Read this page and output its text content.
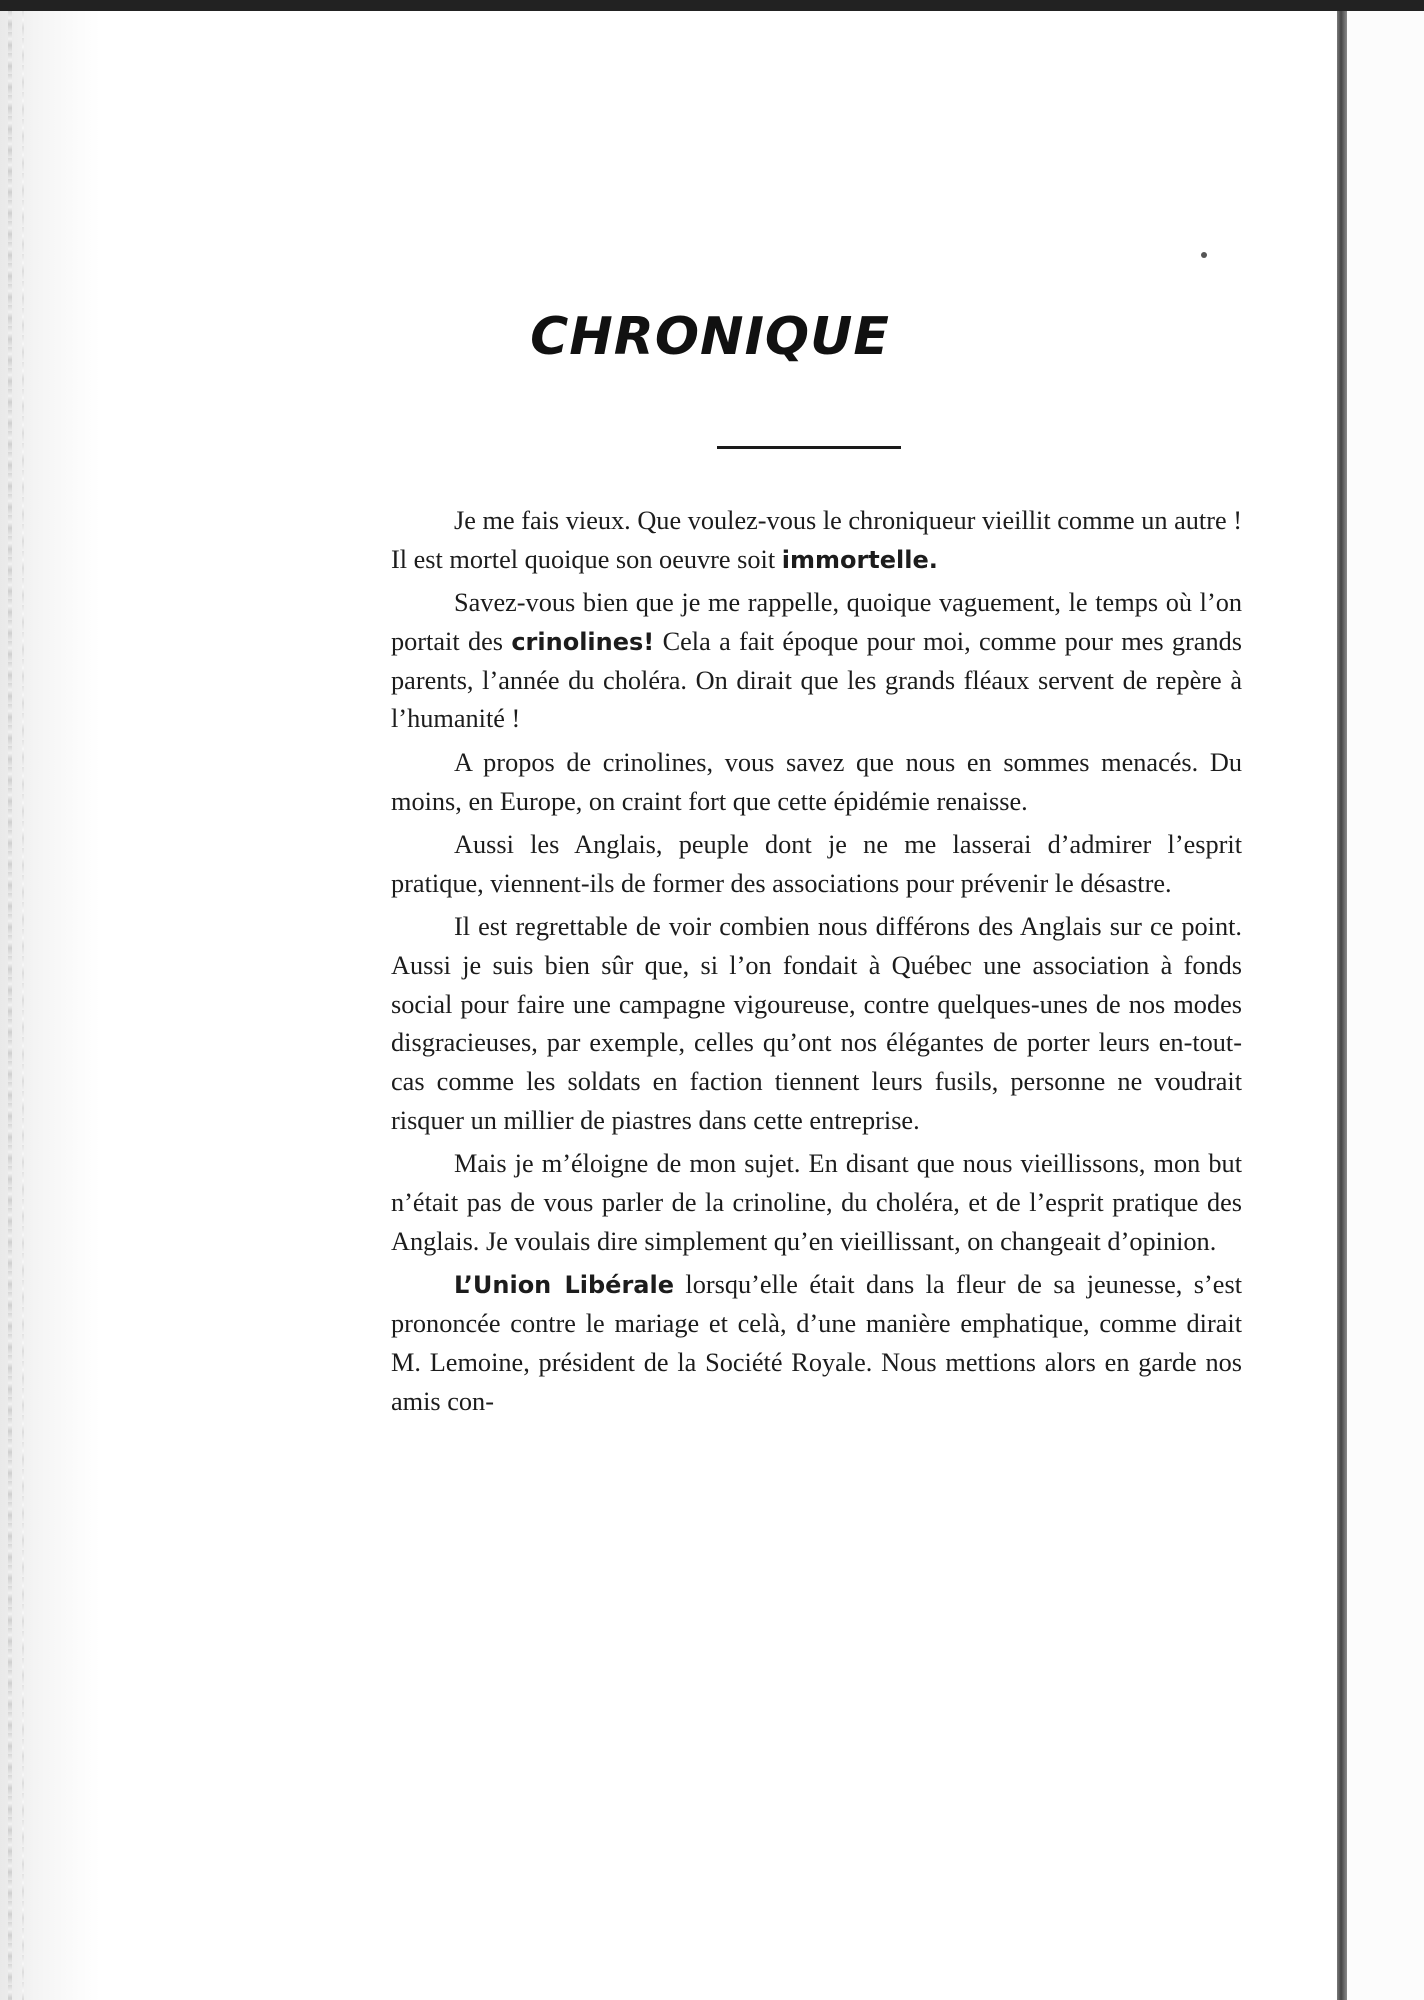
CHRONIQUE

Je me fais vieux. Que voulez-vous le chroniqueur vieillit comme un autre ! Il est mortel quoique son oeuvre soit immortelle.

Savez-vous bien que je me rappelle, quoique vaguement, le temps où l’on portait des crinolines! Cela a fait époque pour moi, comme pour mes grands parents, l’année du choléra. On dirait que les grands fléaux servent de repère à l’humanité !

A propos de crinolines, vous savez que nous en sommes menacés. Du moins, en Europe, on craint fort que cette épidémie renaisse.

Aussi les Anglais, peuple dont je ne me lasserai d’admirer l’esprit pratique, viennent-ils de former des associations pour prévenir le désastre.

Il est regrettable de voir combien nous différons des Anglais sur ce point. Aussi je suis bien sûr que, si l’on fondait à Québec une association à fonds social pour faire une campagne vigoureuse, contre quelques-unes de nos modes disgracieuses, par exemple, celles qu’ont nos élégantes de porter leurs en-tout-cas comme les soldats en faction tiennent leurs fusils, personne ne voudrait risquer un millier de piastres dans cette entreprise.

Mais je m’éloigne de mon sujet. En disant que nous vieillissons, mon but n’était pas de vous parler de la crinoline, du choléra, et de l’esprit pratique des Anglais. Je voulais dire simplement qu’en vieillissant, on changeait d’opinion.

L’Union Libérale lorsqu’elle était dans la fleur de sa jeunesse, s’est prononcée contre le mariage et celà, d’une manière emphatique, comme dirait M. Lemoine, président de la Société Royale. Nous mettions alors en garde nos amis con-
